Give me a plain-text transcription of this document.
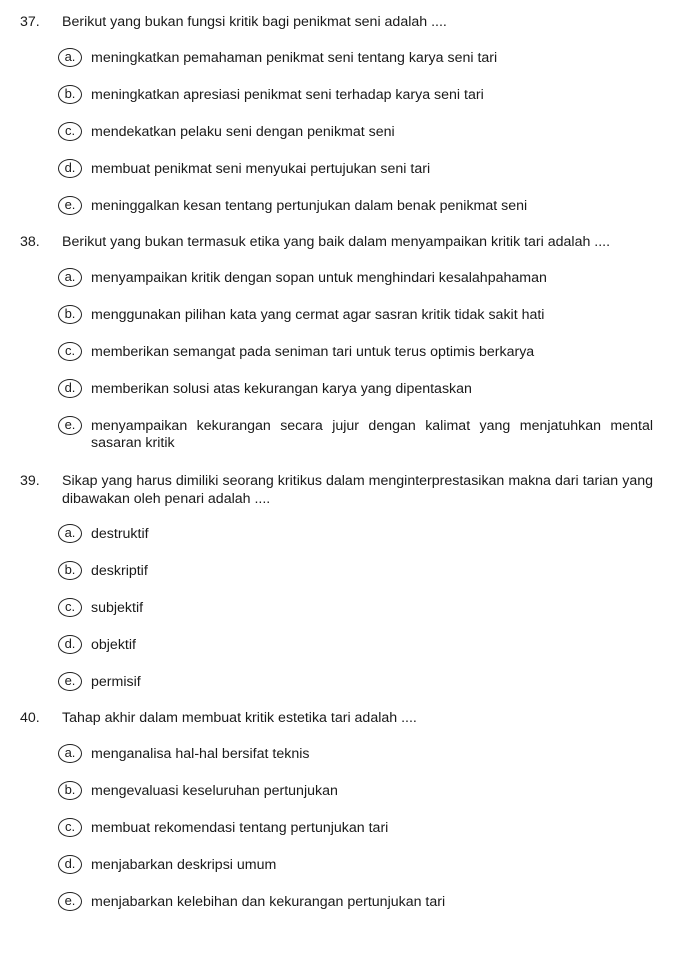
37. Berikut yang bukan fungsi kritik bagi penikmat seni adalah ....
a.	meningkatkan pemahaman penikmat seni tentang karya seni tari
b.	meningkatkan apresiasi penikmat seni terhadap karya seni tari
c.	mendekatkan pelaku seni dengan penikmat seni
d.	membuat penikmat seni menyukai pertujukan seni tari
e.	meninggalkan kesan tentang pertunjukan dalam benak penikmat seni
38. Berikut yang bukan termasuk etika yang baik dalam menyampaikan kritik tari adalah ....
a.	menyampaikan kritik dengan sopan untuk menghindari kesalahpahaman
b.	menggunakan pilihan kata yang cermat agar sasran kritik tidak sakit hati
c.	memberikan semangat pada seniman tari untuk terus optimis berkarya
d.	memberikan solusi atas kekurangan karya yang dipentaskan
e.	menyampaikan kekurangan secara jujur dengan kalimat yang menjatuhkan mental sasaran kritik
39. Sikap yang harus dimiliki seorang kritikus dalam menginterprestasikan makna dari tarian yang dibawakan oleh penari adalah ....
a.	destruktif
b.	deskriptif
c.	subjektif
d.	objektif
e.	permisif
40. Tahap akhir dalam membuat kritik estetika tari adalah ....
a.	menganalisa hal-hal bersifat teknis
b.	mengevaluasi keseluruhan pertunjukan
c.	membuat rekomendasi tentang pertunjukan tari
d.	menjabarkan deskripsi umum
e.	menjabarkan kelebihan dan kekurangan pertunjukan tari
